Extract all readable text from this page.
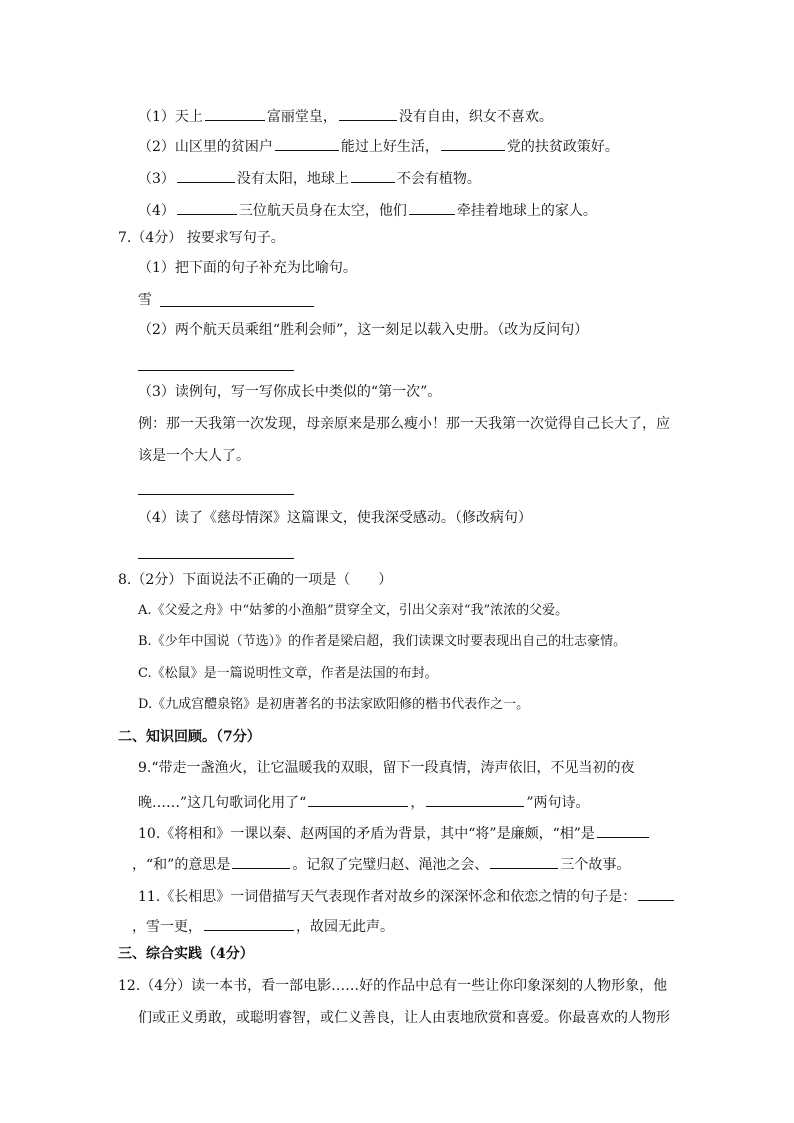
（1）天上	富丽堂皇，	没有自由，织女不喜欢。
（2）山区里的贫困户	能过上好生活，	党的扶贫政策好。
（3）	没有太阳，地球上	不会有植物。
（4）	三位航天员身在太空，他们	牵挂着地球上的家人。
7.（4分） 按要求写句子。
（1）把下面的句子补充为比喻句。
雪
（2）两个航天员乘组“胜利会师”，这一刻足以载入史册。（改为反问句）
（3）读例句，写一写你成长中类似的“第一次”。
例：那一天我第一次发现，母亲原来是那么瘦小！那一天我第一次觉得自己长大了，应
该是一个大人了。
（4）读了《慈母情深》这篇课文，使我深受感动。（修改病句）
8.（2分）下面说法不正确的一项是（　　）
A.《父爱之舟》中“姑爹的小渔船”贯穿全文，引出父亲对“我”浓浓的父爱。
B.《少年中国说（节选）》的作者是梁启超，我们读课文时要表现出自己的壮志豪情。
C.《松鼠》是一篇说明性文章，作者是法国的布封。
D.《九成宫醴泉铭》是初唐著名的书法家欧阳修的楷书代表作之一。
二、知识回顾。（7分）
9.“带走一盏渔火，让它温暖我的双眼，留下一段真情，涛声依旧，不见当初的夜
晚……”这几句歌词化用了“	，	”两句诗。
10.《将相和》一课以秦、赵两国的矛盾为背景，其中“将”是廉颇，“相”是
，“和”的意思是	。记叙了完璧归赵、渑池之会、	三个故事。
11.《长相思》一词借描写天气表现作者对故乡的深深怀念和依恋之情的句子是：
，雪一更，	，故园无此声。
三、综合实践（4分）
12.（4分）读一本书，看一部电影……好的作品中总有一些让你印象深刻的人物形象，他
们或正义勇敢，或聪明睿智，或仁义善良，让人由衷地欣赏和喜爱。你最喜欢的人物形
